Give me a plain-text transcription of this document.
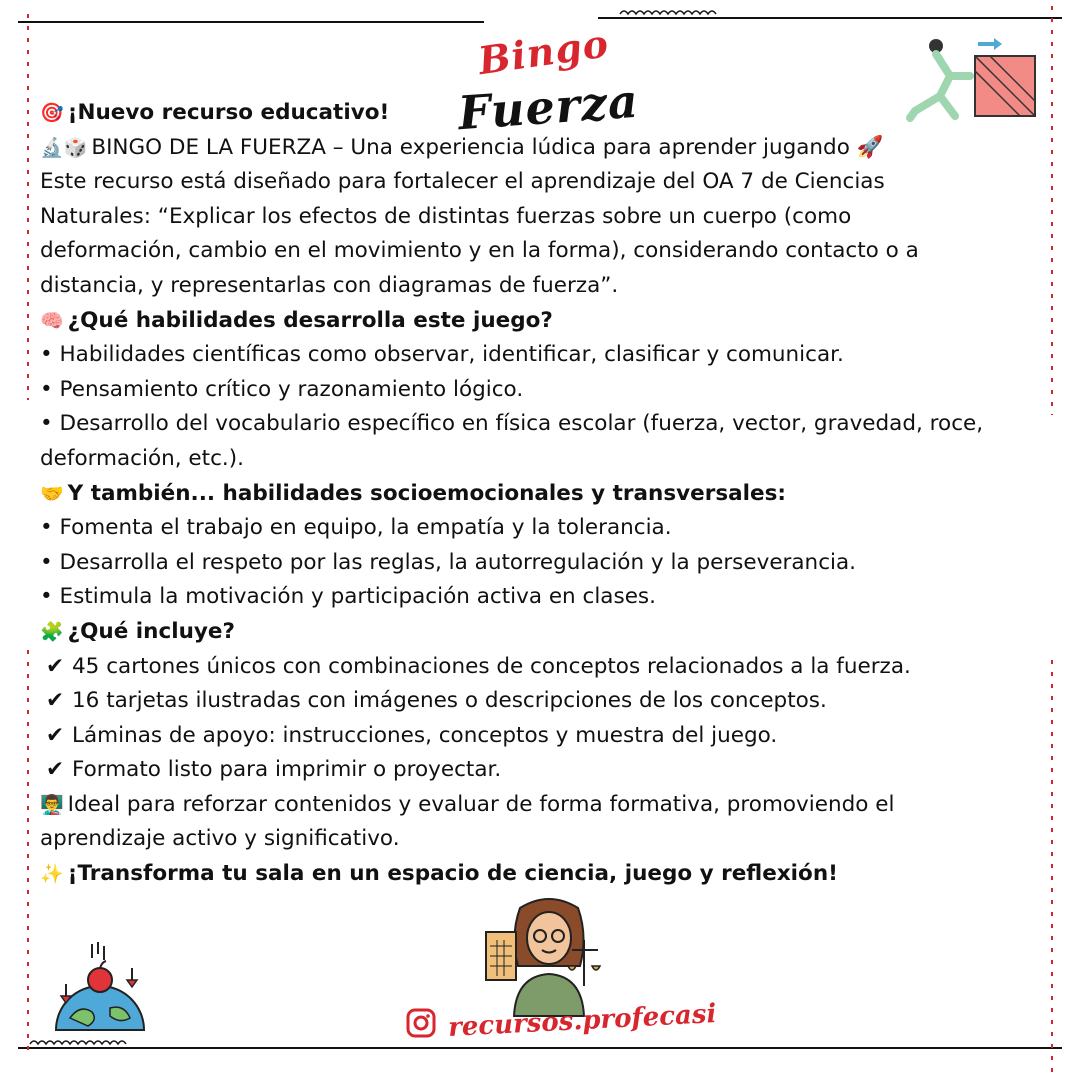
Bingo
Fuerza
🎯 ¡Nuevo recurso educativo!
🔬🎲 BINGO DE LA FUERZA – Una experiencia lúdica para aprender jugando 🚀
Este recurso está diseñado para fortalecer el aprendizaje del OA 7 de Ciencias
Naturales: “Explicar los efectos de distintas fuerzas sobre un cuerpo (como
deformación, cambio en el movimiento y en la forma), considerando contacto o a
distancia, y representarlas con diagramas de fuerza”.
🧠 ¿Qué habilidades desarrolla este juego?
• Habilidades científicas como observar, identificar, clasificar y comunicar.
• Pensamiento crítico y razonamiento lógico.
• Desarrollo del vocabulario específico en física escolar (fuerza, vector, gravedad, roce,
deformación, etc.).
🤝 Y también... habilidades socioemocionales y transversales:
• Fomenta el trabajo en equipo, la empatía y la tolerancia.
• Desarrolla el respeto por las reglas, la autorregulación y la perseverancia.
• Estimula la motivación y participación activa en clases.
🧩 ¿Qué incluye?
✔ 45 cartones únicos con combinaciones de conceptos relacionados a la fuerza.
✔ 16 tarjetas ilustradas con imágenes o descripciones de los conceptos.
✔ Láminas de apoyo: instrucciones, conceptos y muestra del juego.
✔ Formato listo para imprimir o proyectar.
👨‍🏫 Ideal para reforzar contenidos y evaluar de forma formativa, promoviendo el
aprendizaje activo y significativo.
✨ ¡Transforma tu sala en un espacio de ciencia, juego y reflexión!
recursos.profecasi
